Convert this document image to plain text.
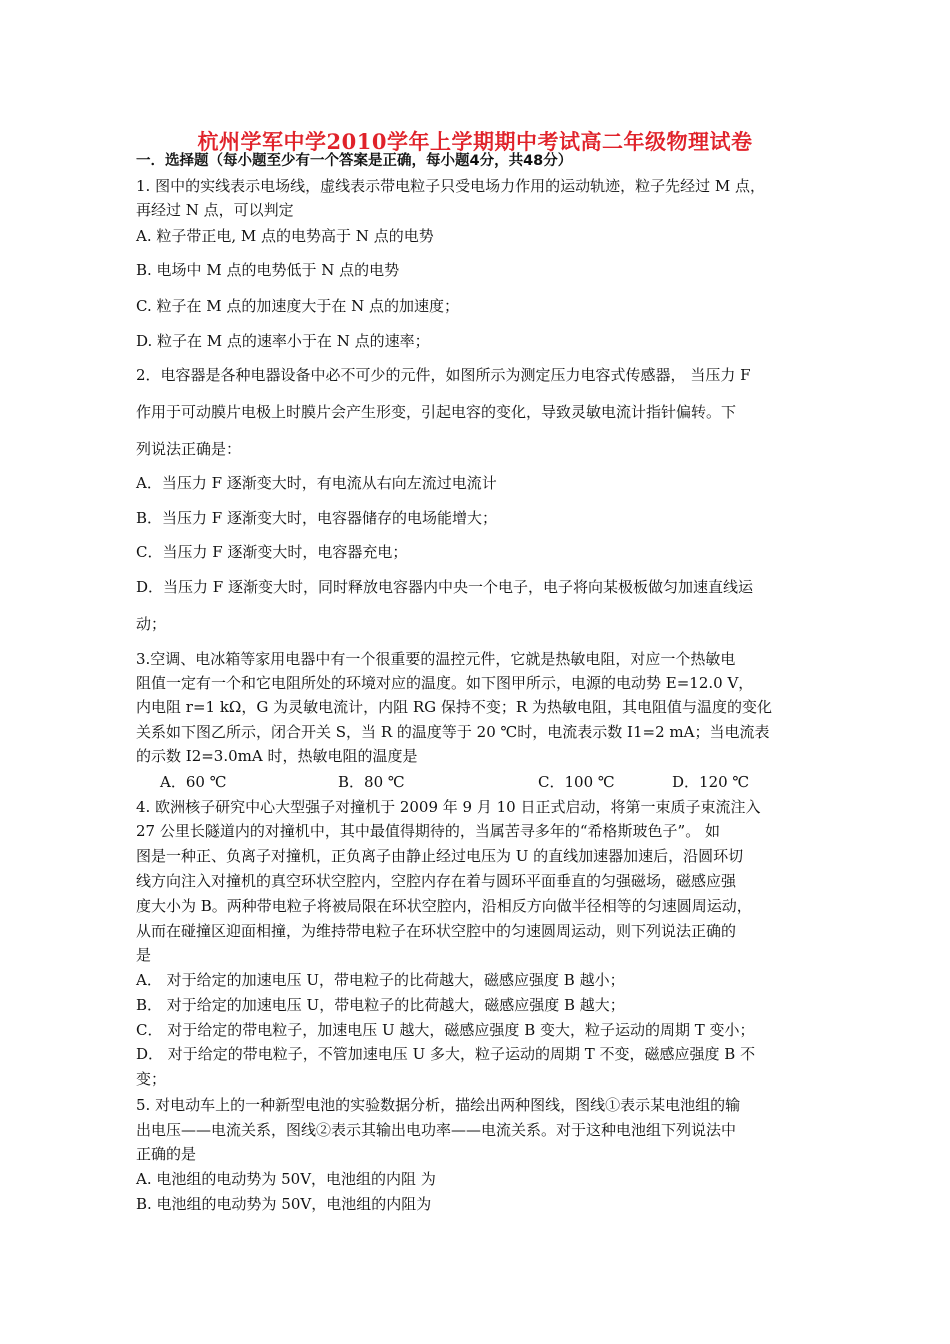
杭州学军中学2010学年上学期期中考试高二年级物理试卷
一．选择题（每小题至少有一个答案是正确，每小题4分，共48分）
1. 图中的实线表示电场线，虚线表示带电粒子只受电场力作用的运动轨迹，粒子先经过 M 点，
再经过 N 点，可以判定
A. 粒子带正电, M 点的电势高于 N 点的电势
B. 电场中 M 点的电势低于 N 点的电势
C. 粒子在 M 点的加速度大于在 N 点的加速度；
D. 粒子在 M 点的速率小于在 N 点的速率；
2．电容器是各种电器设备中必不可少的元件，如图所示为测定压力电容式传感器， 当压力 F
作用于可动膜片电极上时膜片会产生形变，引起电容的变化，导致灵敏电流计指针偏转。下
列说法正确是：
A．当压力 F 逐渐变大时，有电流从右向左流过电流计
B．当压力 F 逐渐变大时，电容器储存的电场能增大；
C．当压力 F 逐渐变大时，电容器充电；
D．当压力 F 逐渐变大时，同时释放电容器内中央一个电子，电子将向某极板做匀加速直线运
动；
3.空调、电冰箱等家用电器中有一个很重要的温控元件，它就是热敏电阻，对应一个热敏电
阻值一定有一个和它电阻所处的环境对应的温度。如下图甲所示，电源的电动势 E=12.0 V，
内电阻 r=1 kΩ，G 为灵敏电流计，内阻 RG 保持不变；R 为热敏电阻，其电阻值与温度的变化
关系如下图乙所示，闭合开关 S，当 R 的温度等于 20 ℃时，电流表示数 I1=2 mA；当电流表
的示数 I2=3.0mA 时，热敏电阻的温度是
A．60 ℃	B．80 ℃	C．100 ℃	D．120 ℃
4. 欧洲核子研究中心大型强子对撞机于 2009 年 9 月 10 日正式启动，将第一束质子束流注入
27 公里长隧道内的对撞机中，其中最值得期待的，当属苦寻多年的“希格斯玻色子”。 如
图是一种正、负离子对撞机，正负离子由静止经过电压为 U 的直线加速器加速后，沿圆环切
线方向注入对撞机的真空环状空腔内，空腔内存在着与圆环平面垂直的匀强磁场，磁感应强
度大小为 B。两种带电粒子将被局限在环状空腔内，沿相反方向做半径相等的匀速圆周运动，
从而在碰撞区迎面相撞，为维持带电粒子在环状空腔中的匀速圆周运动，则下列说法正确的
是
A． 对于给定的加速电压 U，带电粒子的比荷越大，磁感应强度 B 越小；
B． 对于给定的加速电压 U，带电粒子的比荷越大，磁感应强度 B 越大；
C． 对于给定的带电粒子，加速电压 U 越大，磁感应强度 B 变大，粒子运动的周期 T 变小；
D． 对于给定的带电粒子，不管加速电压 U 多大，粒子运动的周期 T 不变，磁感应强度 B 不
变；
5. 对电动车上的一种新型电池的实验数据分析，描绘出两种图线，图线①表示某电池组的输
出电压——电流关系，图线②表示其输出电功率——电流关系。对于这种电池组下列说法中
正确的是
A. 电池组的电动势为 50V，电池组的内阻 为
B. 电池组的电动势为 50V，电池组的内阻为
